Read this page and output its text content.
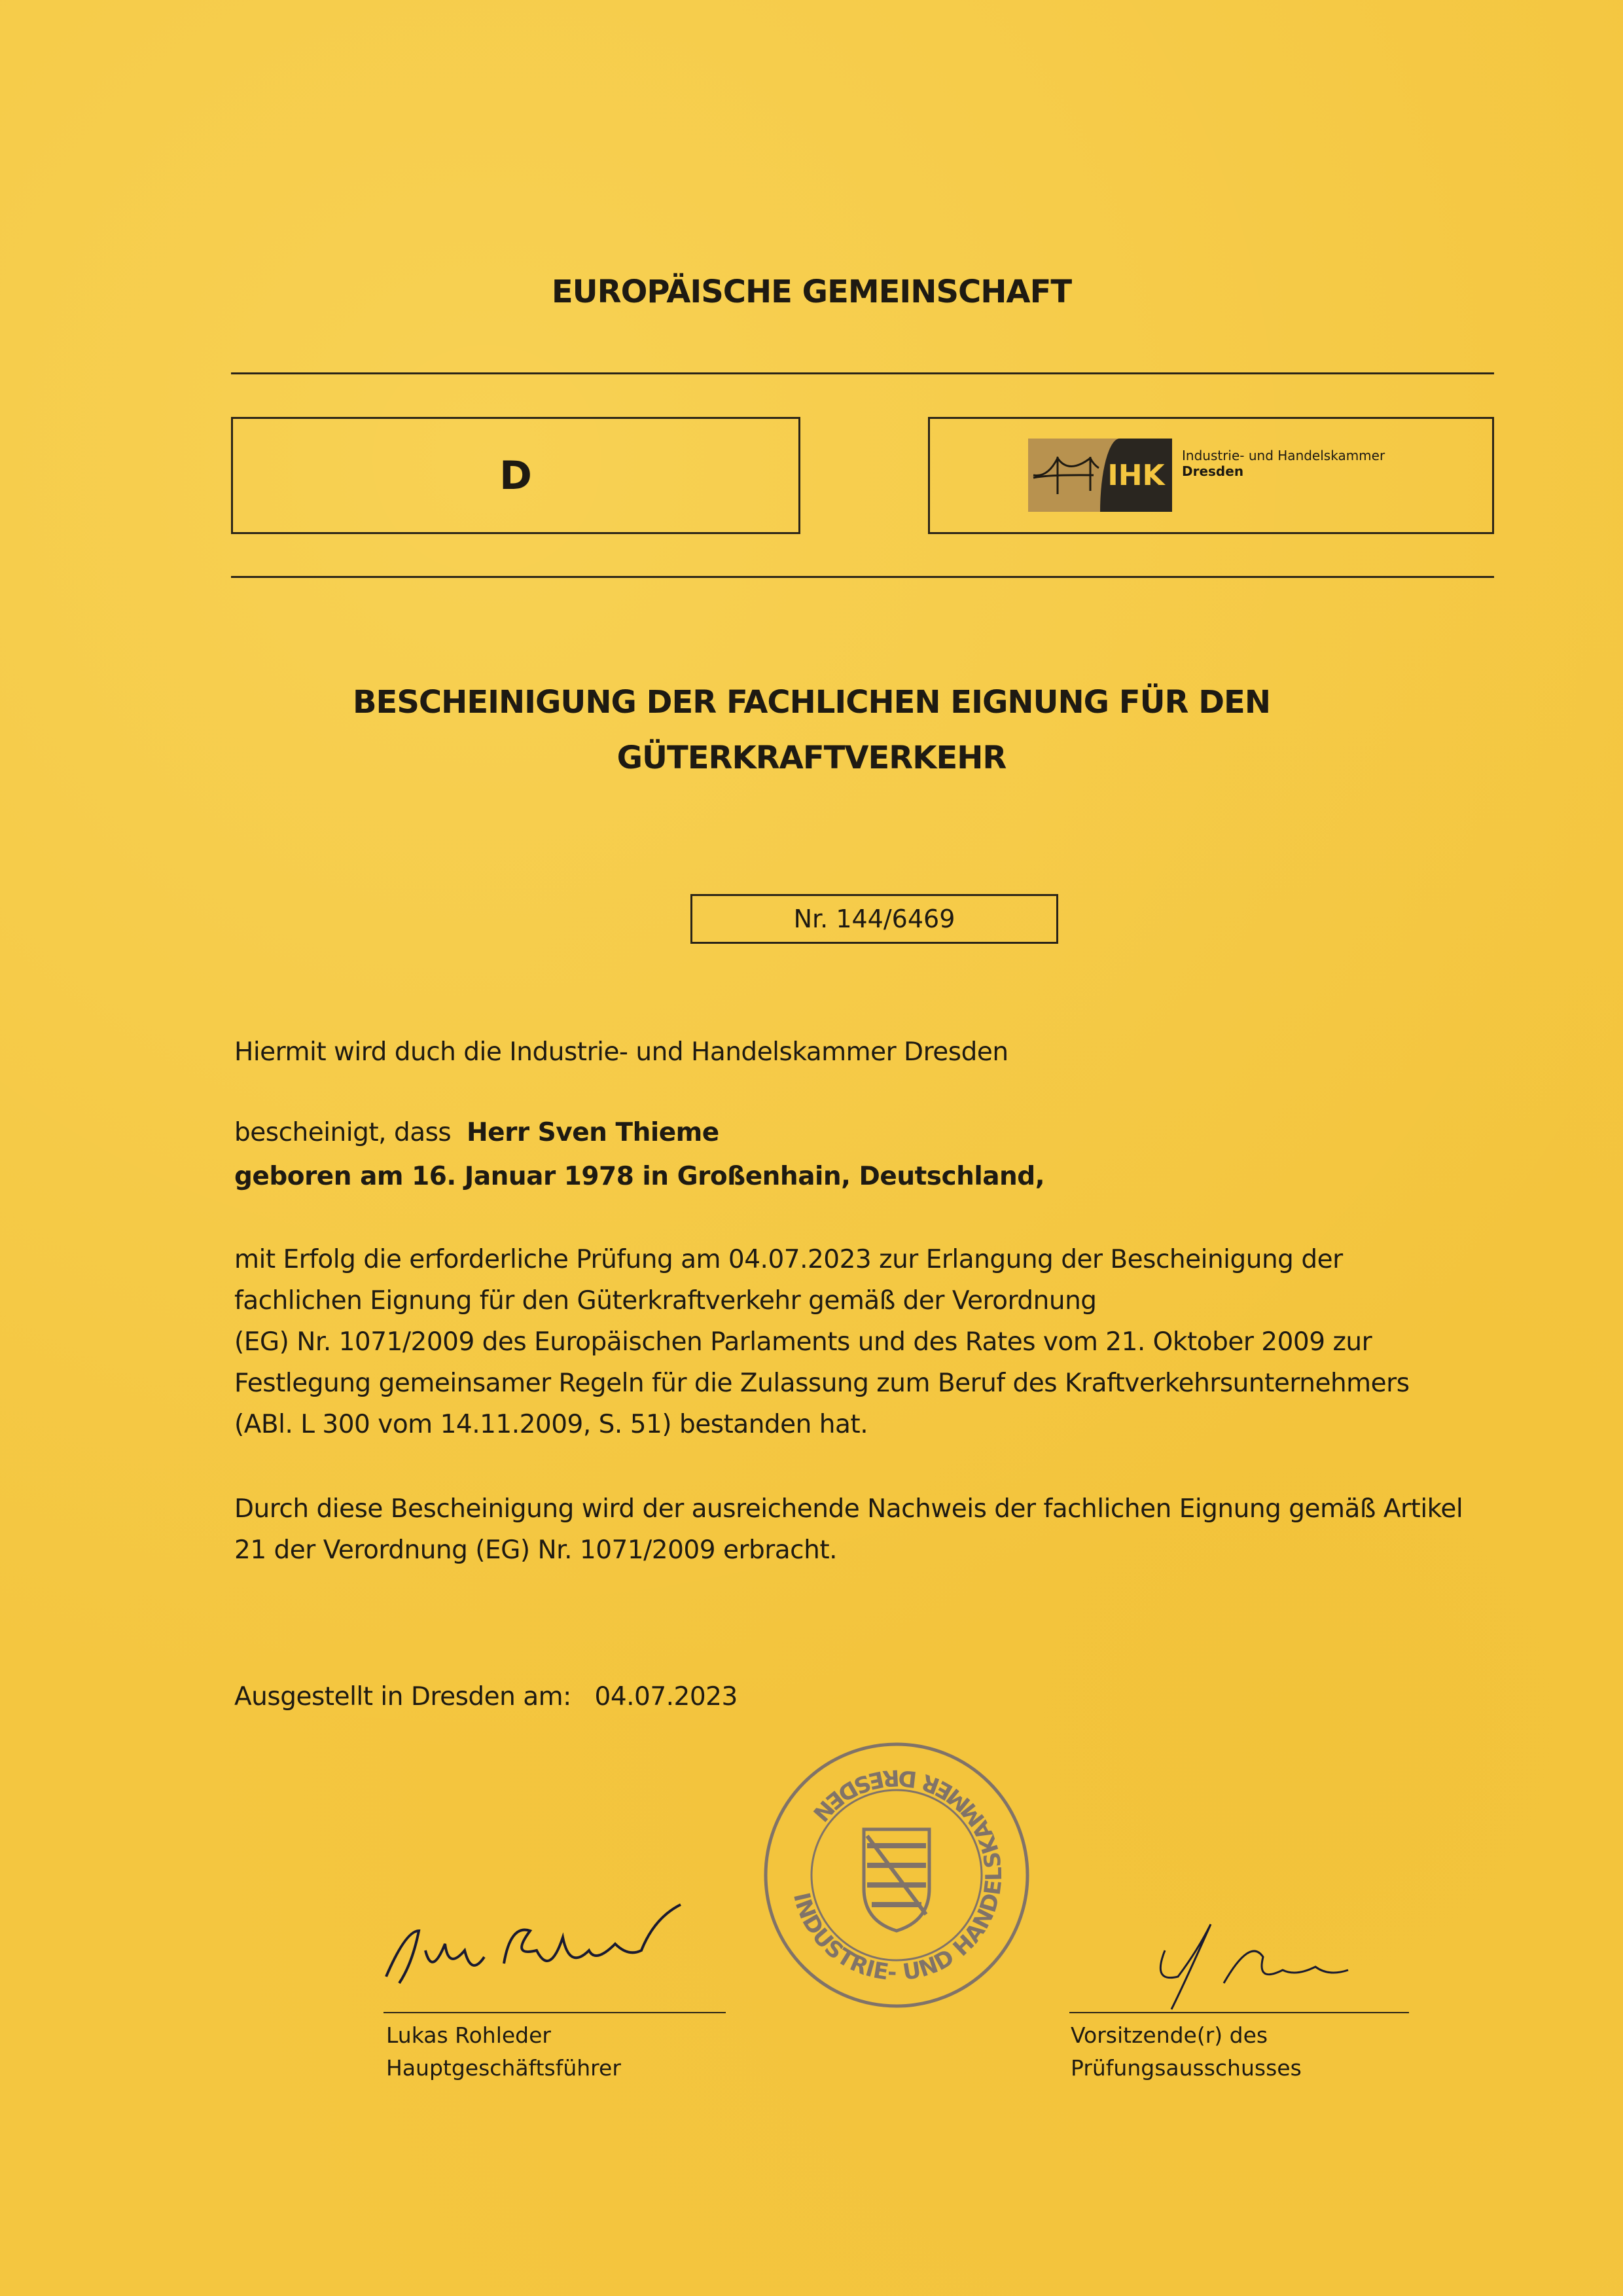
EUROPÄISCHE GEMEINSCHAFT
D	IHK
Industrie- und Handelskammer
Dresden
BESCHEINIGUNG DER FACHLICHEN EIGNUNG FÜR DEN
GÜTERKRAFTVERKEHR
Nr. 144/6469
Hiermit wird duch die Industrie- und Handelskammer Dresden
bescheinigt, dass Herr Sven Thieme
geboren am 16. Januar 1978 in Großenhain, Deutschland,
mit Erfolg die erforderliche Prüfung am 04.07.2023 zur Erlangung der Bescheinigung der
fachlichen Eignung für den Güterkraftverkehr gemäß der Verordnung
(EG) Nr. 1071/2009 des Europäischen Parlaments und des Rates vom 21. Oktober 2009 zur
Festlegung gemeinsamer Regeln für die Zulassung zum Beruf des Kraftverkehrsunternehmers
(ABl. L 300 vom 14.11.2009, S. 51) bestanden hat.
Durch diese Bescheinigung wird der ausreichende Nachweis der fachlichen Eignung gemäß Artikel
21 der Verordnung (EG) Nr. 1071/2009 erbracht.
Ausgestellt in Dresden am: 04.07.2023
INDUSTRIE- UND HANDELSKAMMER DRESDEN
Lukas Rohleder
Hauptgeschäftsführer
Vorsitzende(r) des
Prüfungsausschusses
